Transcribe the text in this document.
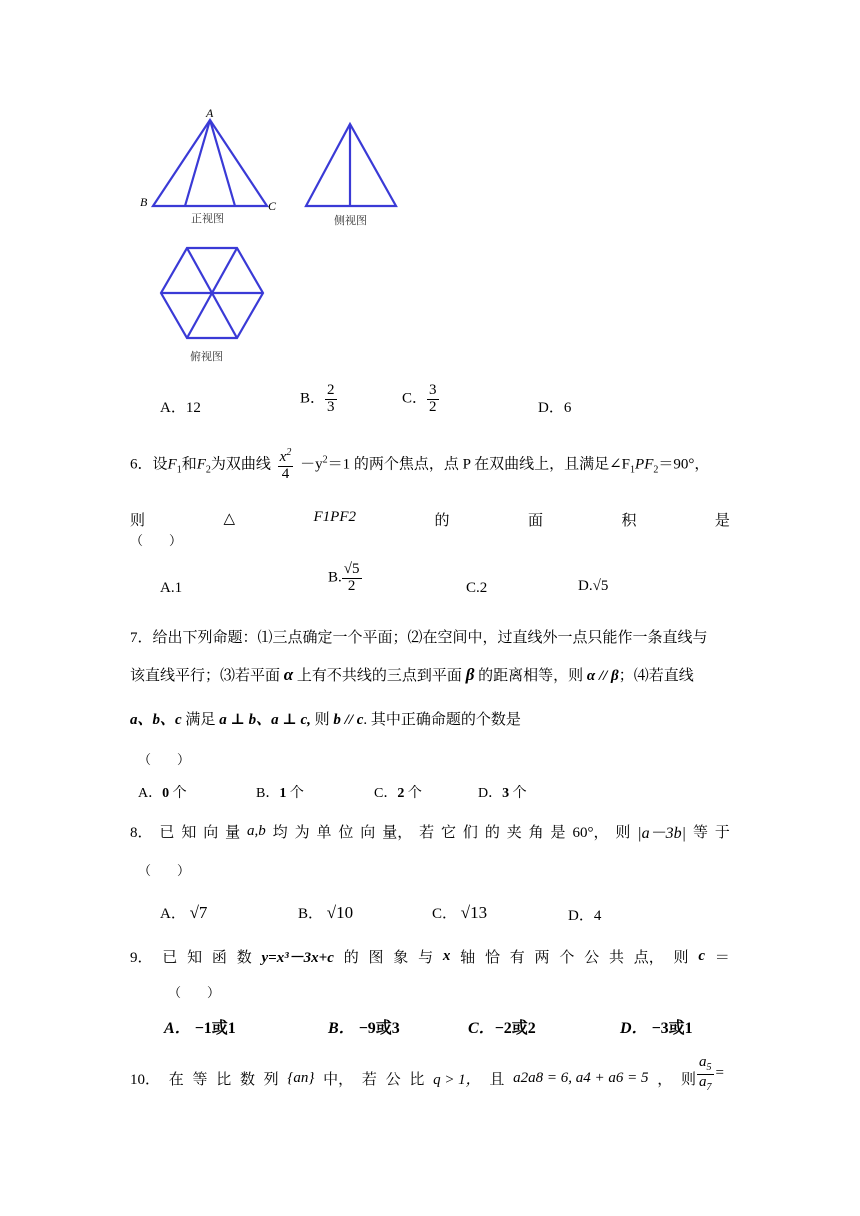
A
B	C
正视图	侧视图
俯视图
A．12
B． $\frac{2}{3}$	C． $\frac{3}{2}$	D．6
6．设$F_1$和$F_2$为双曲线 $\frac{x^2}{4} -y^2=1$ 的两个焦点，点 P 在双曲线上，且满足$\angle F_1PF_2=90^\circ$，
则	△	F1PF2	的	面	积	是
（　　）
A.1
B. $\frac{√5}{2}$	C.2	D.√5
7．给出下列命题：⑴三点确定一个平面；⑵在空间中，过直线外一点只能作一条直线与
该直线平行；⑶若平面 α 上有不共线的三点到平面 β 的距离相等，则 α // β；⑷若直线
a、b、c 满足 a ⊥ b、a ⊥ c, 则 b // c. 其中正确命题的个数是
（　　）
A．0 个	B．1 个	C．2 个	D．3 个
8． 已 知 向 量 a,b 均 为 单 位 向 量， 若 它 们 的 夹 角 是 60°， 则 |a－3b| 等 于
（　　）
A． √7	B． √10	C． √13	D．4
9． 已 知 函 数 y=x³－3x+c 的 图 象 与 x 轴 恰 有 两 个 公 共 点， 则 c ＝
（　　）
A． −1或1	B． −9或3	C．−2或2	D． −3或1
10． 在 等 比 数 列 {an} 中， 若 公 比 q > 1， 且 a2a8 = 6, a4 + a6 = 5 ， 则 $\frac{a_5}{a_7}$ =
